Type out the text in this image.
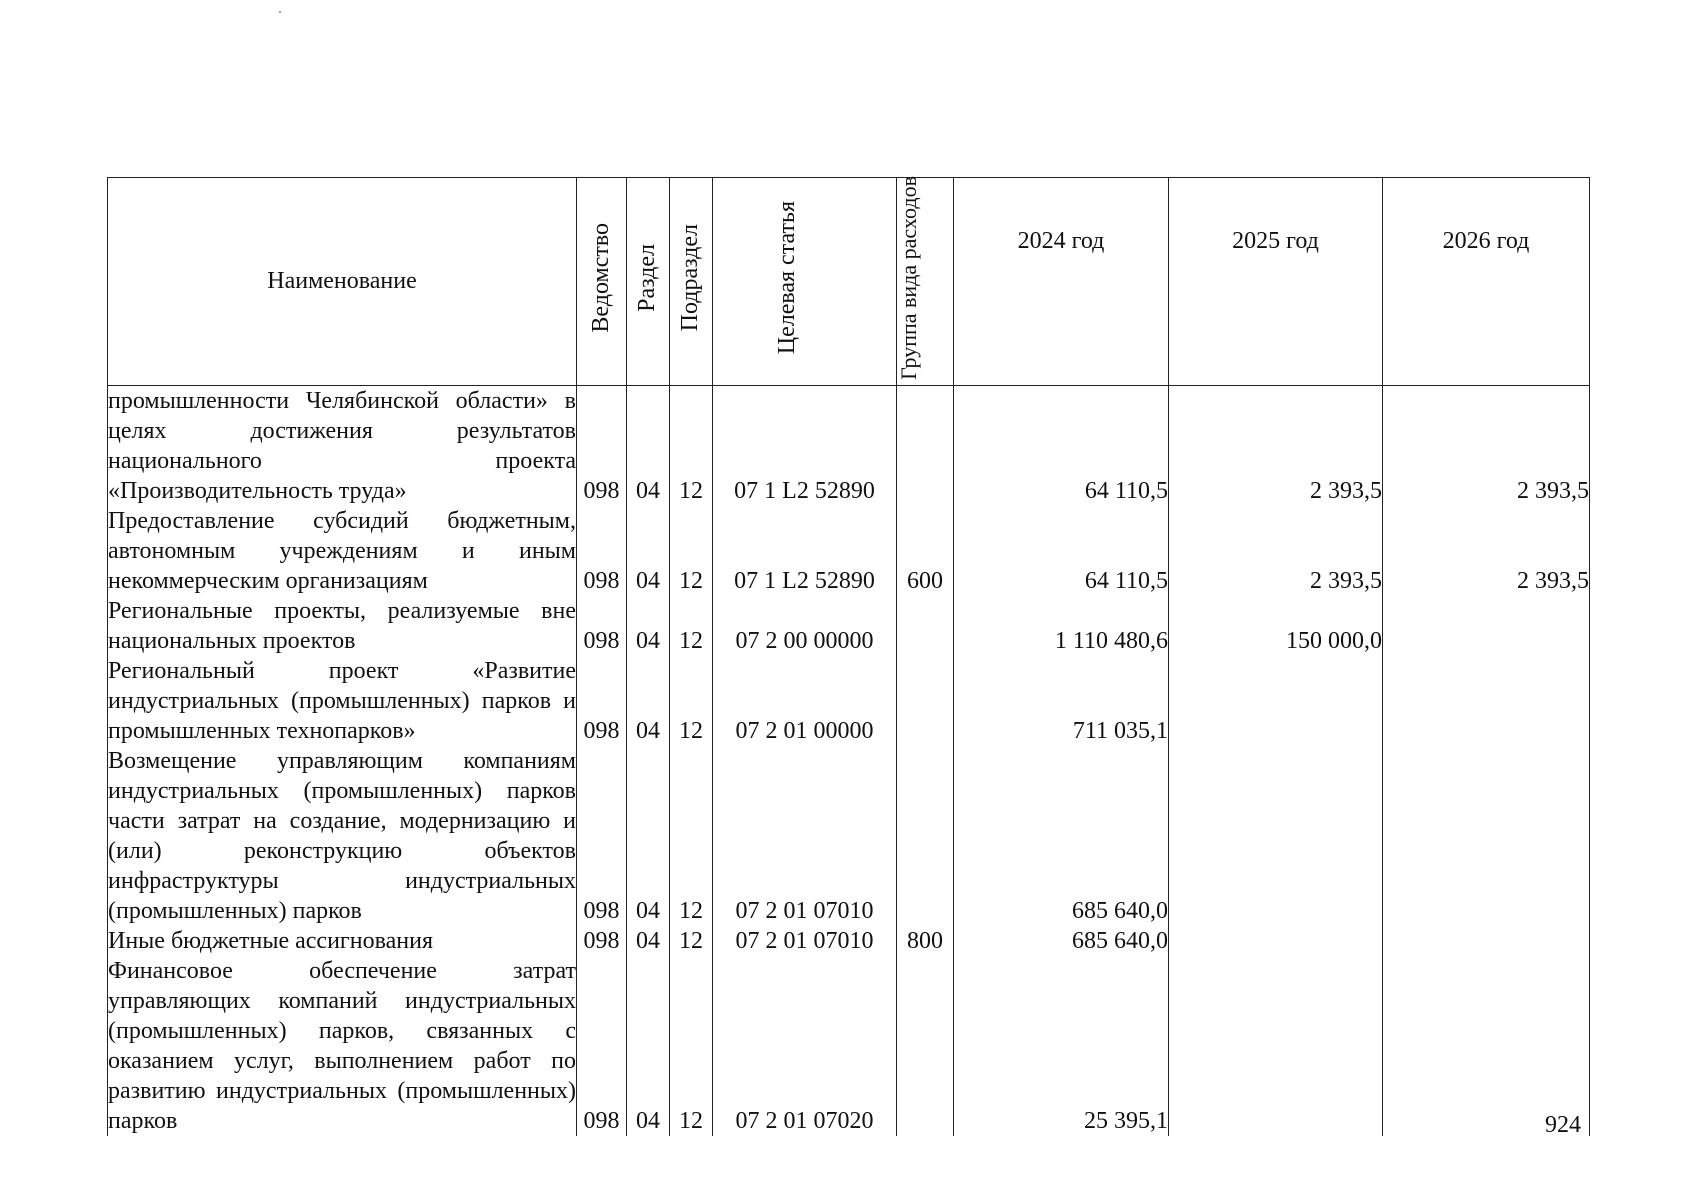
Наименование	Ведомство	Раздел	Подраздел	Целевая статья	Группа вида расходов	2024 год	2025 год	2026 год
промышленности Челябинской области» в целях достижения результатов национального проекта «Производительность труда»	098	04	12	07 1 L2 52890		64 110,5	2 393,5	2 393,5
Предоставление субсидий бюджетным, автономным учреждениям и иным некоммерческим организациям	098	04	12	07 1 L2 52890	600	64 110,5	2 393,5	2 393,5
Региональные проекты, реализуемые вне национальных проектов	098	04	12	07 2 00 00000		1 110 480,6	150 000,0	
Региональный проект «Развитие индустриальных (промышленных) парков и промышленных технопарков»	098	04	12	07 2 01 00000		711 035,1		
Возмещение управляющим компаниям индустриальных (промышленных) парков части затрат на создание, модернизацию и (или) реконструкцию объектов инфраструктуры индустриальных (промышленных) парков	098	04	12	07 2 01 07010		685 640,0		
Иные бюджетные ассигнования	098	04	12	07 2 01 07010	800	685 640,0		
Финансовое обеспечение затрат управляющих компаний индустриальных (промышленных) парков, связанных с оказанием услуг, выполнением работ по развитию индустриальных (промышленных) парков	098	04	12	07 2 01 07020		25 395,1			924
